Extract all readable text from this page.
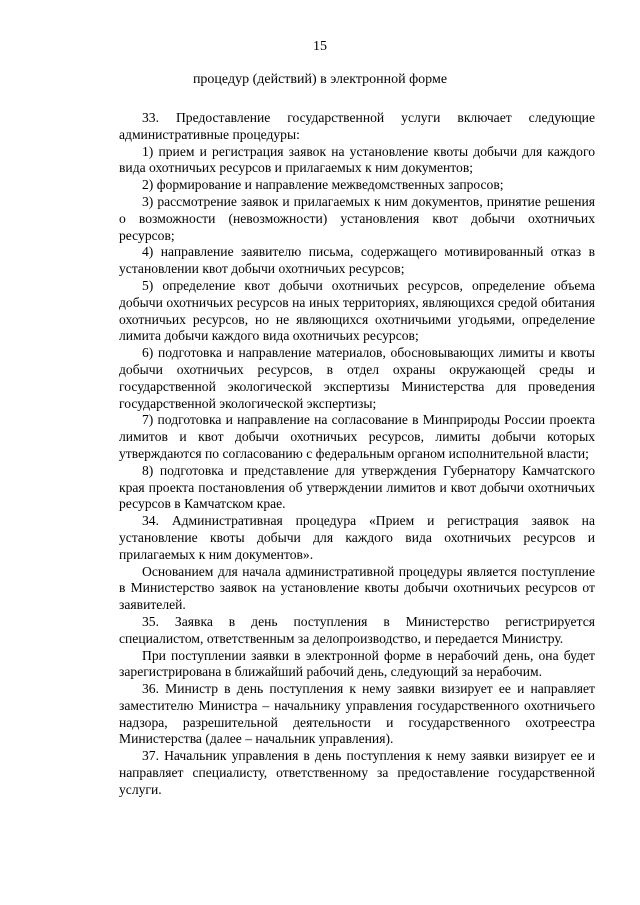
15
процедур (действий) в электронной форме

33. Предоставление государственной услуги включает следующие административные процедуры:

1) прием и регистрация заявок на установление квоты добычи для каждого вида охотничьих ресурсов и прилагаемых к ним документов;

2) формирование и направление межведомственных запросов;

3) рассмотрение заявок и прилагаемых к ним документов, принятие решения о возможности (невозможности) установления квот добычи охотничьих ресурсов;

4) направление заявителю письма, содержащего мотивированный отказ в установлении квот добычи охотничьих ресурсов;

5) определение квот добычи охотничьих ресурсов, определение объема добычи охотничьих ресурсов на иных территориях, являющихся средой обитания охотничьих ресурсов, но не являющихся охотничьими угодьями, определение лимита добычи каждого вида охотничьих ресурсов;

6) подготовка и направление материалов, обосновывающих лимиты и квоты добычи охотничьих ресурсов, в отдел охраны окружающей среды и государственной экологической экспертизы Министерства для проведения государственной экологической экспертизы;

7) подготовка и направление на согласование в Минприроды России проекта лимитов и квот добычи охотничьих ресурсов, лимиты добычи которых утверждаются по согласованию с федеральным органом исполнительной власти;

8) подготовка и представление для утверждения Губернатору Камчатского края проекта постановления об утверждении лимитов и квот добычи охотничьих ресурсов в Камчатском крае.

34. Административная процедура «Прием и регистрация заявок на установление квоты добычи для каждого вида охотничьих ресурсов и прилагаемых к ним документов».

Основанием для начала административной процедуры является поступление в Министерство заявок на установление квоты добычи охотничьих ресурсов от заявителей.

35. Заявка в день поступления в Министерство регистрируется специалистом, ответственным за делопроизводство, и передается Министру.

При поступлении заявки в электронной форме в нерабочий день, она будет зарегистрирована в ближайший рабочий день, следующий за нерабочим.

36. Министр в день поступления к нему заявки визирует ее и направляет заместителю Министра – начальнику управления государственного охотничьего надзора, разрешительной деятельности и государственного охотреестра Министерства (далее – начальник управления).

37. Начальник управления в день поступления к нему заявки визирует ее и направляет специалисту, ответственному за предоставление государственной услуги.
